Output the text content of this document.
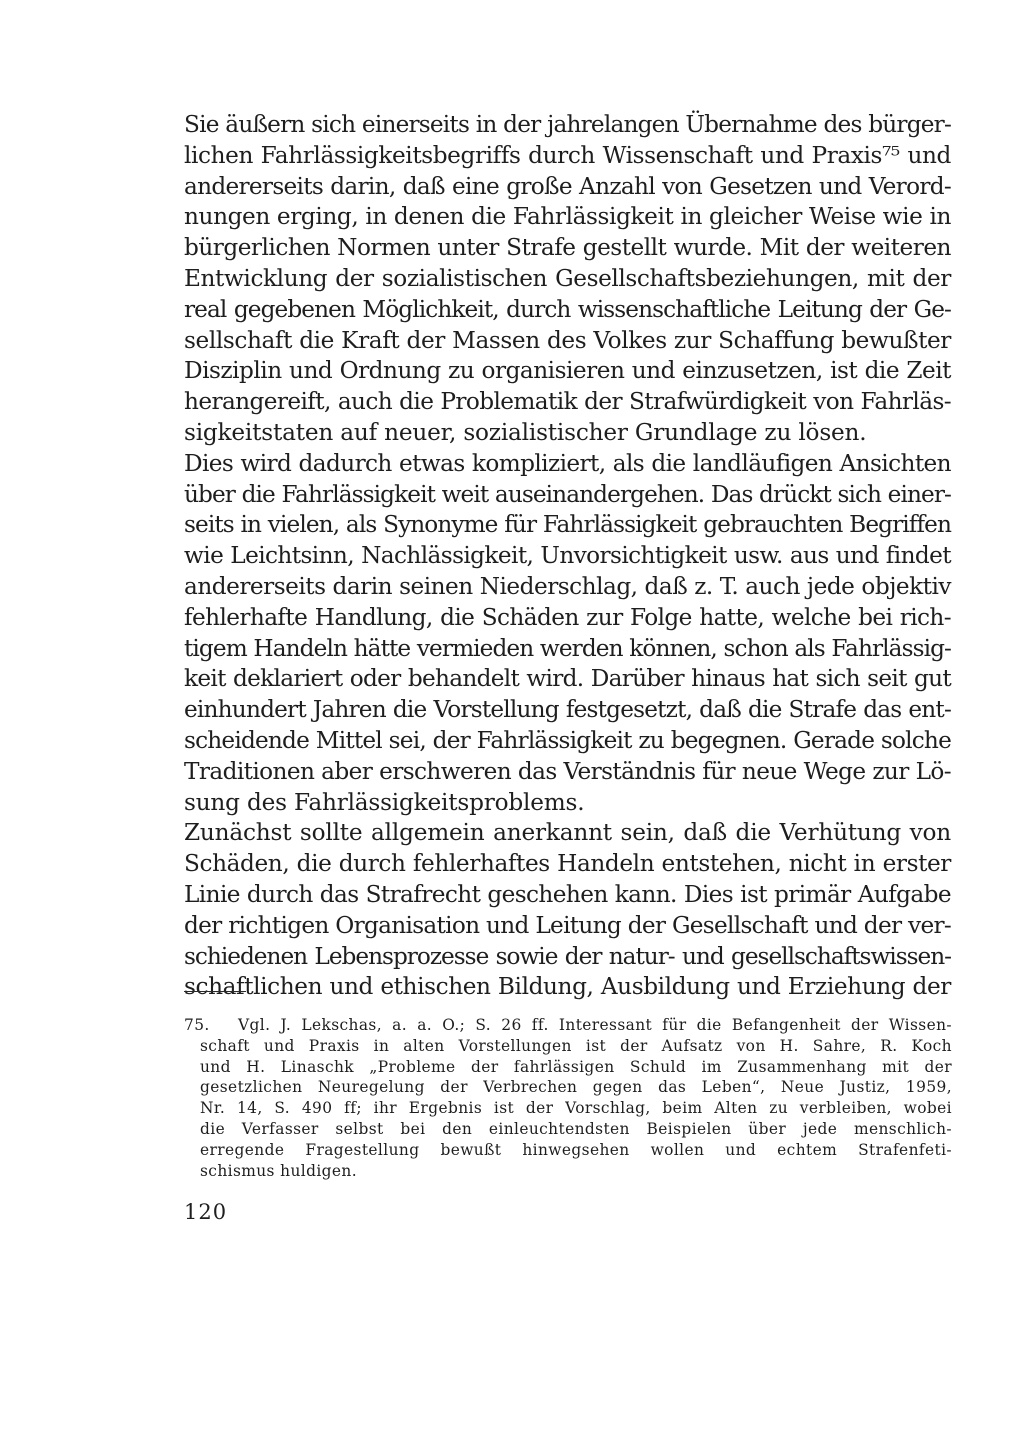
Sie äußern sich einerseits in der jahrelangen Übernahme des bürger-
lichen Fahrlässigkeitsbegriffs durch Wissenschaft und Praxis⁷⁵ und
andererseits darin, daß eine große Anzahl von Gesetzen und Verord-
nungen erging, in denen die Fahrlässigkeit in gleicher Weise wie in
bürgerlichen Normen unter Strafe gestellt wurde. Mit der weiteren
Entwicklung der sozialistischen Gesellschaftsbeziehungen, mit der
real gegebenen Möglichkeit, durch wissenschaftliche Leitung der Ge-
sellschaft die Kraft der Massen des Volkes zur Schaffung bewußter
Disziplin und Ordnung zu organisieren und einzusetzen, ist die Zeit
herangereift, auch die Problematik der Strafwürdigkeit von Fahrläs-
sigkeitstaten auf neuer, sozialistischer Grundlage zu lösen.
Dies wird dadurch etwas kompliziert, als die landläufigen Ansichten
über die Fahrlässigkeit weit auseinandergehen. Das drückt sich einer-
seits in vielen, als Synonyme für Fahrlässigkeit gebrauchten Begriffen
wie Leichtsinn, Nachlässigkeit, Unvorsichtigkeit usw. aus und findet
andererseits darin seinen Niederschlag, daß z. T. auch jede objektiv
fehlerhafte Handlung, die Schäden zur Folge hatte, welche bei rich-
tigem Handeln hätte vermieden werden können, schon als Fahrlässig-
keit deklariert oder behandelt wird. Darüber hinaus hat sich seit gut
einhundert Jahren die Vorstellung festgesetzt, daß die Strafe das ent-
scheidende Mittel sei, der Fahrlässigkeit zu begegnen. Gerade solche
Traditionen aber erschweren das Verständnis für neue Wege zur Lö-
sung des Fahrlässigkeitsproblems.
Zunächst sollte allgemein anerkannt sein, daß die Verhütung von
Schäden, die durch fehlerhaftes Handeln entstehen, nicht in erster
Linie durch das Strafrecht geschehen kann. Dies ist primär Aufgabe
der richtigen Organisation und Leitung der Gesellschaft und der ver-
schiedenen Lebensprozesse sowie der natur- und gesellschaftswissen-
schaftlichen und ethischen Bildung, Ausbildung und Erziehung der
75.	Vgl. J. Lekschas, a. a. O.; S. 26 ff. Interessant für die Befangenheit der Wissen-
schaft und Praxis in alten Vorstellungen ist der Aufsatz von H. Sahre, R. Koch
und H. Linaschk „Probleme der fahrlässigen Schuld im Zusammenhang mit der
gesetzlichen Neuregelung der Verbrechen gegen das Leben“, Neue Justiz, 1959,
Nr. 14, S. 490 ff; ihr Ergebnis ist der Vorschlag, beim Alten zu verbleiben, wobei
die Verfasser selbst bei den einleuchtendsten Beispielen über jede menschlich-
erregende Fragestellung bewußt hinwegsehen wollen und echtem Strafenfeti-
schismus huldigen.
120
